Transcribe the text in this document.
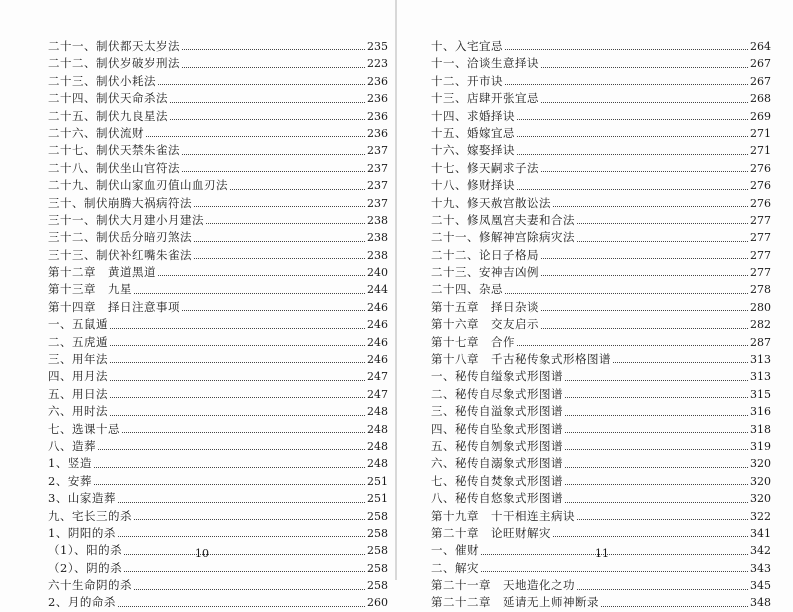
二十一、制伏都天太岁法	235
二十二、制伏岁破岁刑法	223
二十三、制伏小耗法	236
二十四、制伏天命杀法	236
二十五、制伏九良星法	236
二十六、制伏流财	236
二十七、制伏天禁朱雀法	237
二十八、制伏坐山官符法	237
二十九、制伏山家血刃值山血刃法	237
三十、制伏崩腾大祸病符法	237
三十一、制伏大月建小月建法	238
三十二、制伏岳分暗刃煞法	238
三十三、制伏补红嘴朱雀法	238
第十二章　黄道黑道	240
第十三章　九星	244
第十四章　择日注意事项	246
一、五鼠遁	246
二、五虎遁	246
三、用年法	246
四、用月法	247
五、用日法	247
六、用时法	248
七、选课十忌	248
八、造葬	248
1、竖造	248
2、安葬	251
3、山家造葬	251
九、宅长三的杀	258
1、阴阳的杀	258
（1）、阳的杀	258
（2）、阴的杀	258
六十生命阴的杀	258
2、月的命杀	260
10
十、入宅宜忌	264
十一、洽谈生意择诀	267
十二、开市诀	267
十三、店肆开张宜忌	268
十四、求婚择诀	269
十五、婚嫁宜忌	271
十六、嫁娶择诀	271
十七、修天嗣求子法	276
十八、修财择诀	276
十九、修天赦宫散讼法	276
二十、修凤凰宫夫妻和合法	277
二十一、修解神宫除病灾法	277
二十二、论日子格局	277
二十三、安神吉凶例	277
二十四、杂忌	278
第十五章　择日杂谈	280
第十六章　交友启示	282
第十七章　合作	287
第十八章　千古秘传象式形格图谱	313
一、秘传自缢象式形图谱	313
二、秘传自尽象式形图谱	315
三、秘传自溢象式形图谱	316
四、秘传自坠象式形图谱	318
五、秘传自刎象式形图谱	319
六、秘传自溺象式形图谱	320
七、秘传自焚象式形图谱	320
八、秘传自悠象式形图谱	320
第十九章　十干相连主病诀	322
第二十章　论旺财解灾	341
一、催财	342
二、解灾	343
第二十一章　天地造化之功	345
第二十二章　延请无上师神断录	348
11
